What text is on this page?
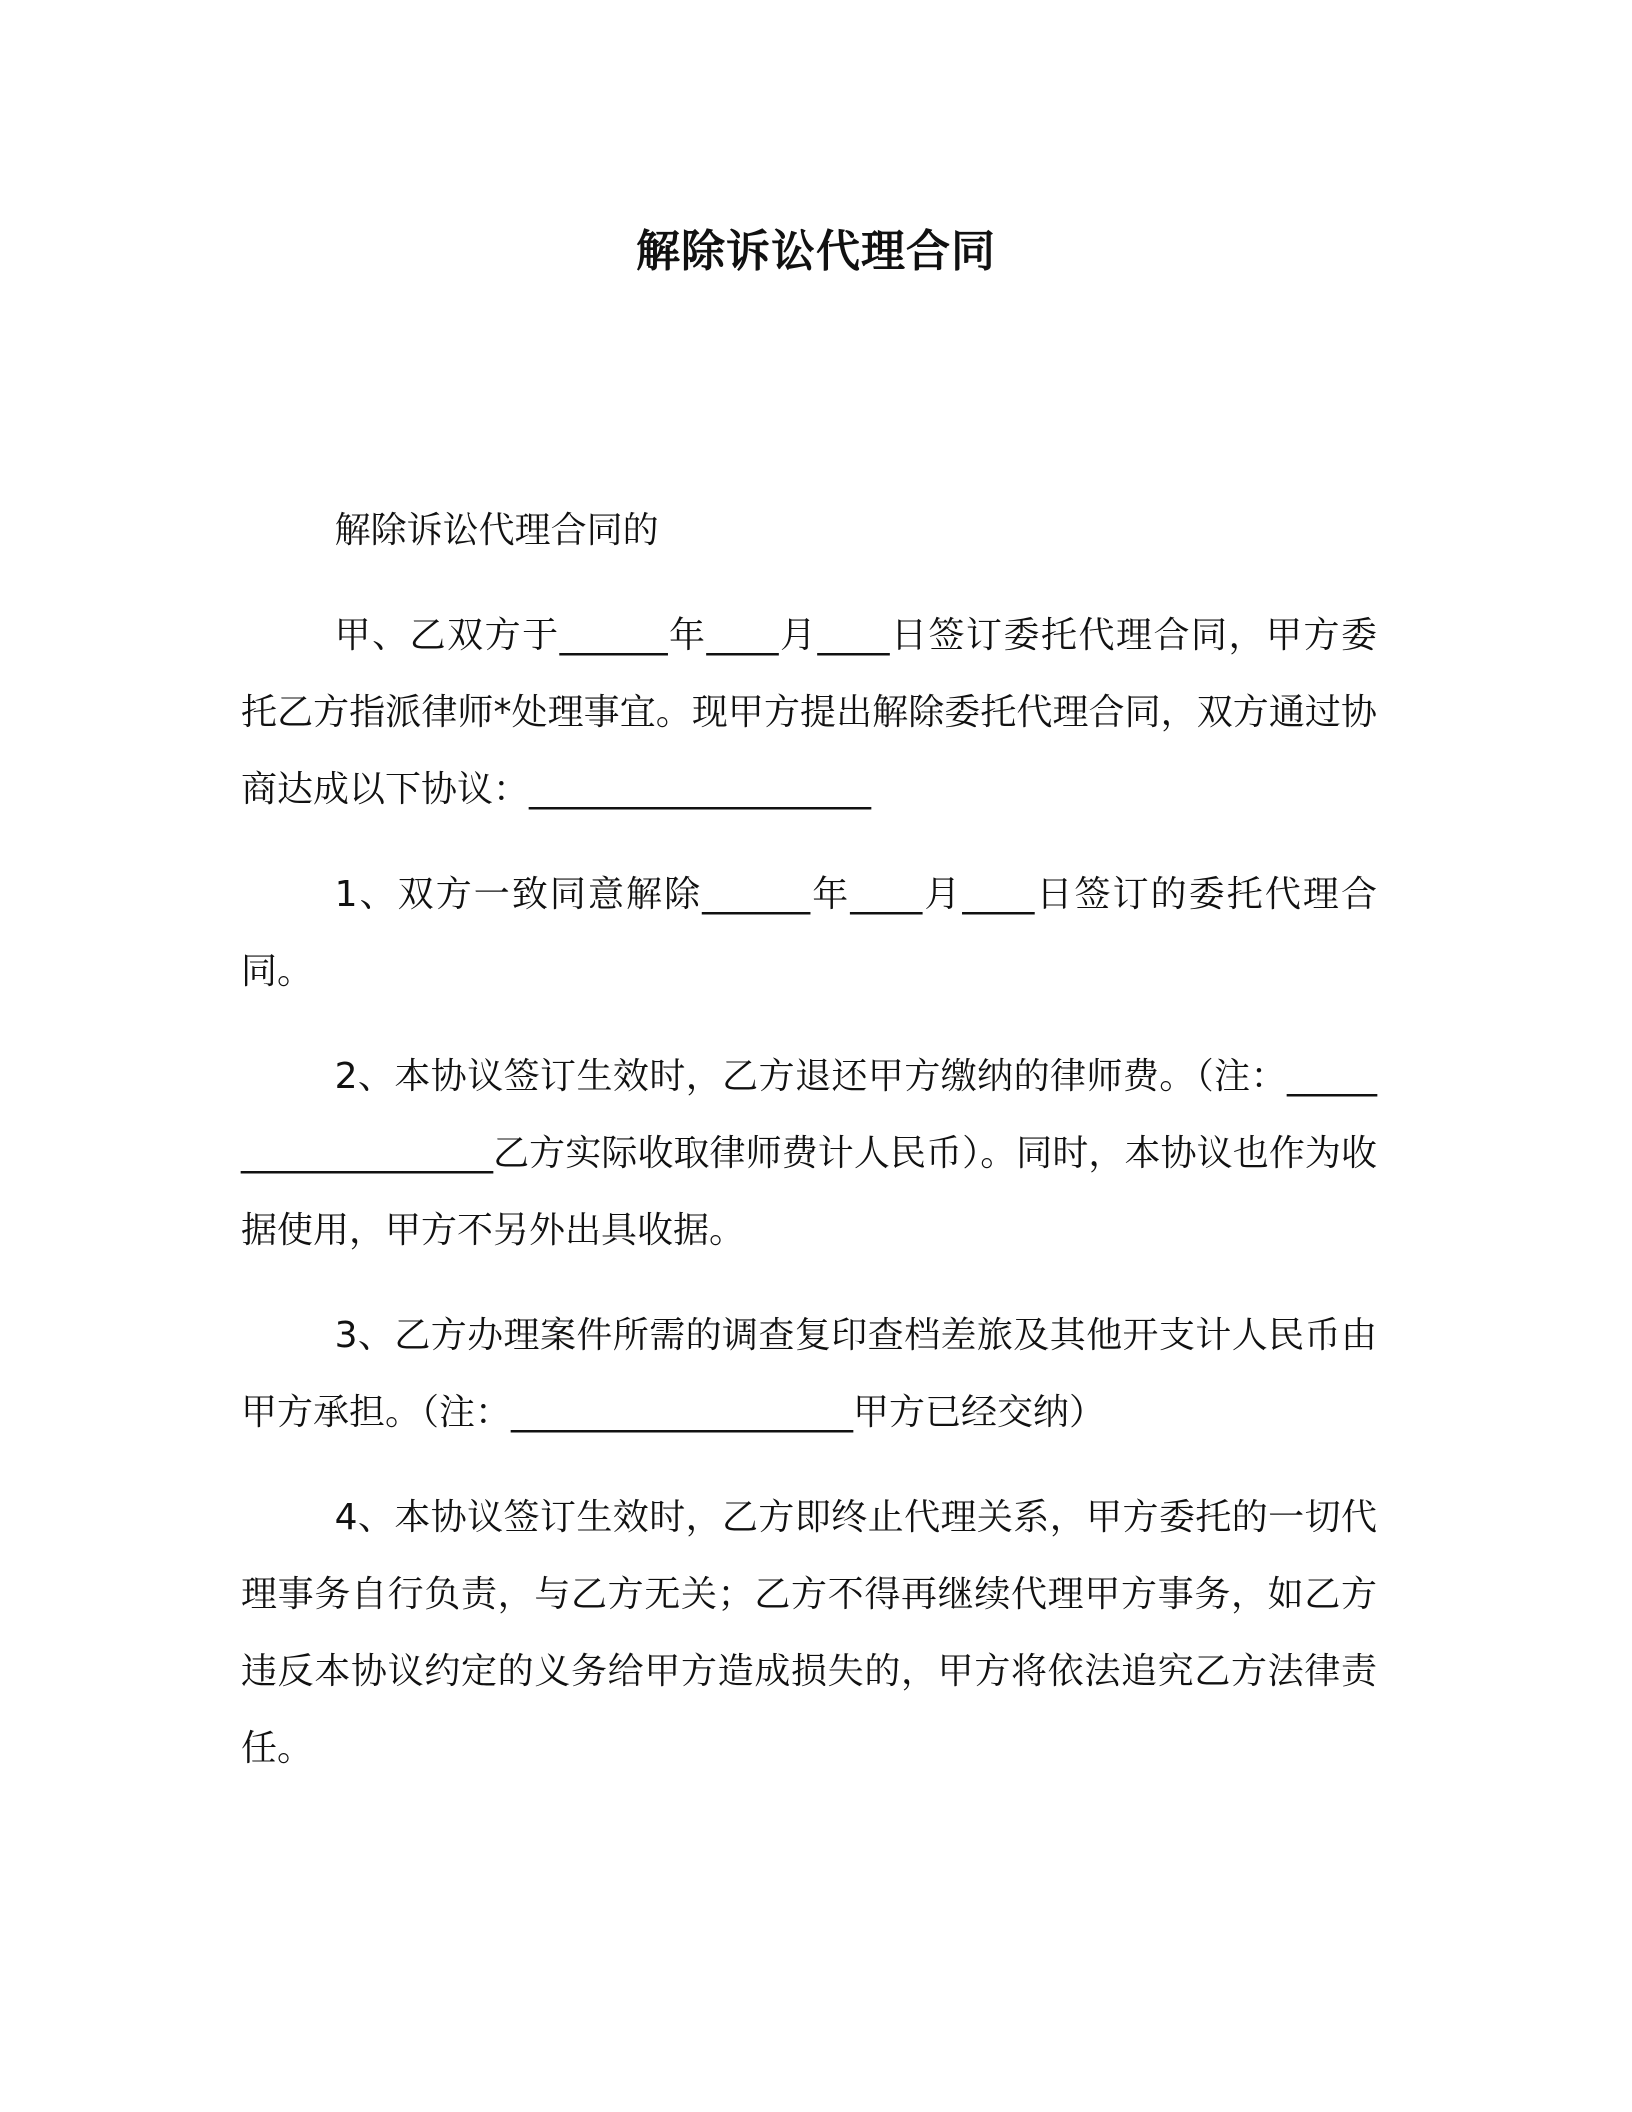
解除诉讼代理合同

解除诉讼代理合同的

甲、乙双方于______年____月____日签订委托代理合同，甲方委托乙方指派律师*处理事宜。现甲方提出解除委托代理合同，双方通过协商达成以下协议：___________________

1、双方一致同意解除______年____月____日签订的委托代理合同。

2、本协议签订生效时，乙方退还甲方缴纳的律师费。（注：___________________乙方实际收取律师费计人民币）。同时，本协议也作为收据使用，甲方不另外出具收据。

3、乙方办理案件所需的调查复印查档差旅及其他开支计人民币由甲方承担。（注：___________________甲方已经交纳）

4、本协议签订生效时，乙方即终止代理关系，甲方委托的一切代理事务自行负责，与乙方无关；乙方不得再继续代理甲方事务，如乙方违反本协议约定的义务给甲方造成损失的，甲方将依法追究乙方法律责任。
